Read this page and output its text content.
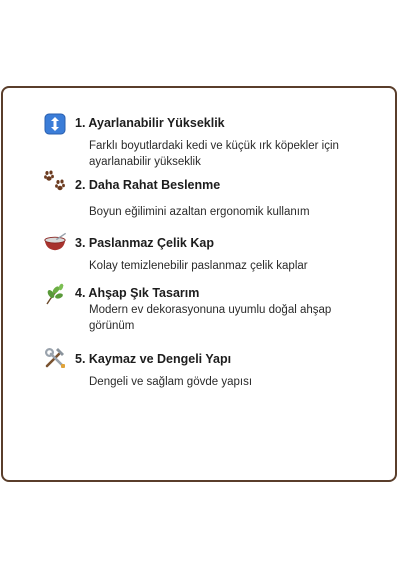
1. Ayarlanabilir Yükseklik
Farklı boyutlardaki kedi ve küçük ırk köpekler için ayarlanabilir yükseklik
2. Daha Rahat Beslenme
Boyun eğilimini azaltan ergonomik kullanım
3. Paslanmaz Çelik Kap
Kolay temizlenebilir paslanmaz çelik kaplar
4. Ahşap Şık Tasarım
Modern ev dekorasyonuna uyumlu doğal ahşap görünüm
5. Kaymaz ve Dengeli Yapı
Dengeli ve sağlam gövde yapısı
